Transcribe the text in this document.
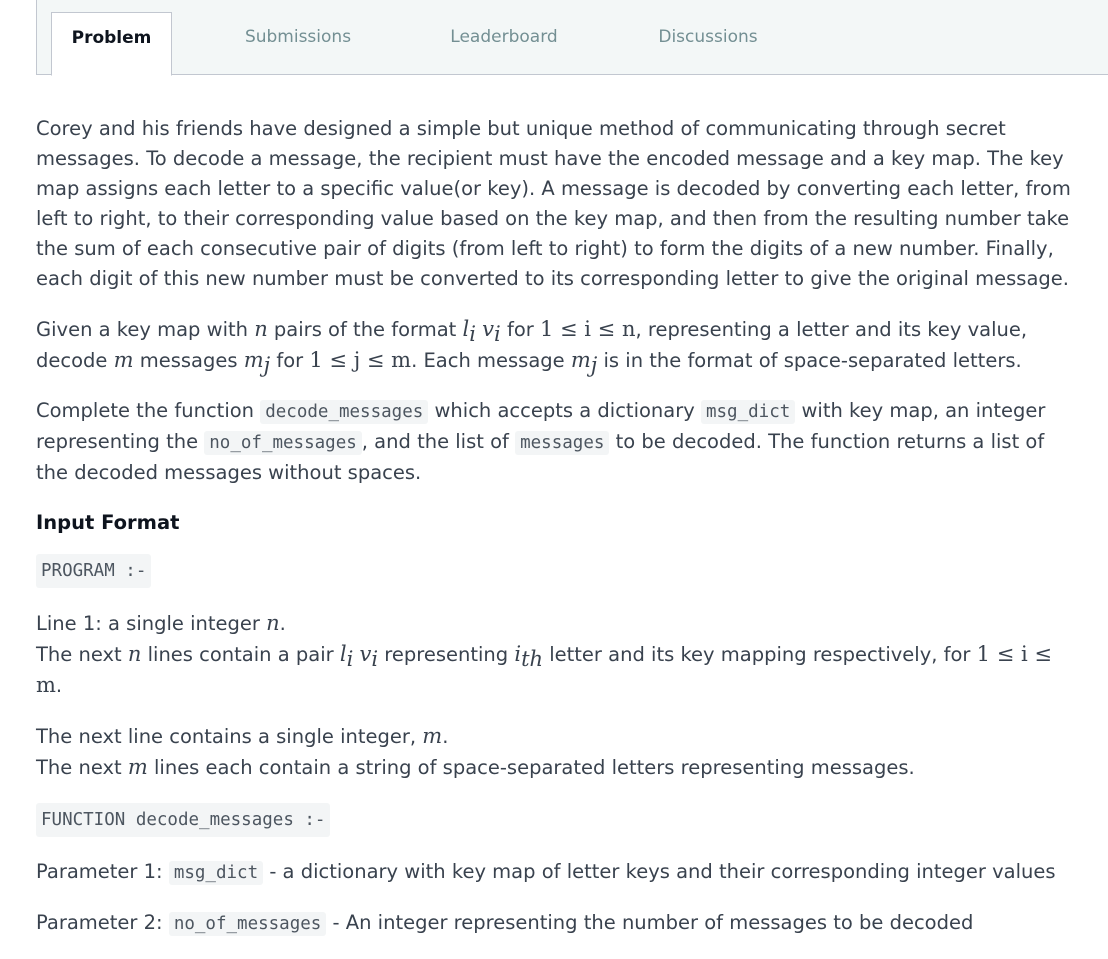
Problem	Submissions	Leaderboard	Discussions

Corey and his friends have designed a simple but unique method of communicating through secret messages. To decode a message, the recipient must have the encoded message and a key map. The key map assigns each letter to a specific value(or key). A message is decoded by converting each letter, from left to right, to their corresponding value based on the key map, and then from the resulting number take the sum of each consecutive pair of digits (from left to right) to form the digits of a new number. Finally, each digit of this new number must be converted to its corresponding letter to give the original message.

Given a key map with n pairs of the format $l_i$ $v_i$ for 1 ≤ i ≤ n, representing a letter and its key value, decode m messages $m_j$ for 1 ≤ j ≤ m. Each message $m_j$ is in the format of space-separated letters.

Complete the function decode_messages which accepts a dictionary msg_dict with key map, an integer representing the no_of_messages , and the list of messages to be decoded. The function returns a list of the decoded messages without spaces.

Input Format
PROGRAM :-

Line 1: a single integer n.
The next n lines contain a pair $l_i$ $v_i$ representing $i_{th}$ letter and its key mapping respectively, for 1 ≤ i ≤ m.

The next line contains a single integer, m.
The next m lines each contain a string of space-separated letters representing messages.

FUNCTION decode_messages :-

Parameter 1: msg_dict - a dictionary with key map of letter keys and their corresponding integer values

Parameter 2: no_of_messages - An integer representing the number of messages to be decoded
